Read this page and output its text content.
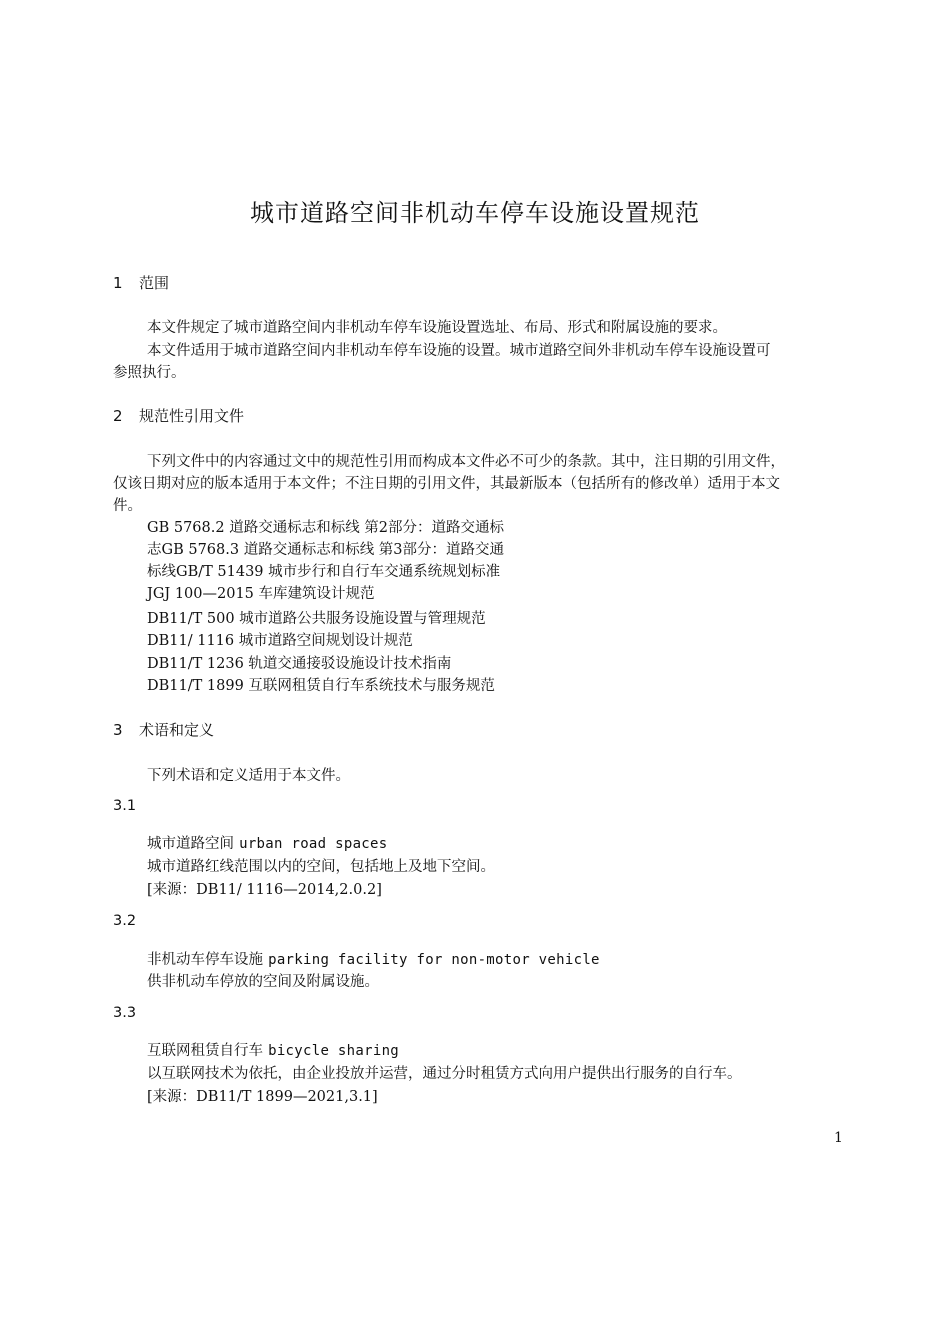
城市道路空间非机动车停车设施设置规范
1 范围
本文件规定了城市道路空间内非机动车停车设施设置选址、布局、形式和附属设施的要求。
本文件适用于城市道路空间内非机动车停车设施的设置。城市道路空间外非机动车停车设施设置可
参照执行。
2 规范性引用文件
下列文件中的内容通过文中的规范性引用而构成本文件必不可少的条款。其中，注日期的引用文件，
仅该日期对应的版本适用于本文件；不注日期的引用文件，其最新版本（包括所有的修改单）适用于本文
件。
GB 5768.2 道路交通标志和标线 第2部分：道路交通标
志GB 5768.3 道路交通标志和标线 第3部分：道路交通
标线GB/T 51439 城市步行和自行车交通系统规划标准
JGJ 100—2015 车库建筑设计规范
DB11/T 500 城市道路公共服务设施设置与管理规范
DB11/ 1116 城市道路空间规划设计规范
DB11/T 1236 轨道交通接驳设施设计技术指南
DB11/T 1899 互联网租赁自行车系统技术与服务规范
3 术语和定义
下列术语和定义适用于本文件。
3.1
城市道路空间 urban road spaces
城市道路红线范围以内的空间，包括地上及地下空间。
[来源：DB11/ 1116—2014,2.0.2]
3.2
非机动车停车设施 parking facility for non-motor vehicle
供非机动车停放的空间及附属设施。
3.3
互联网租赁自行车 bicycle sharing
以互联网技术为依托，由企业投放并运营，通过分时租赁方式向用户提供出行服务的自行车。
[来源：DB11/T 1899—2021,3.1]
1
